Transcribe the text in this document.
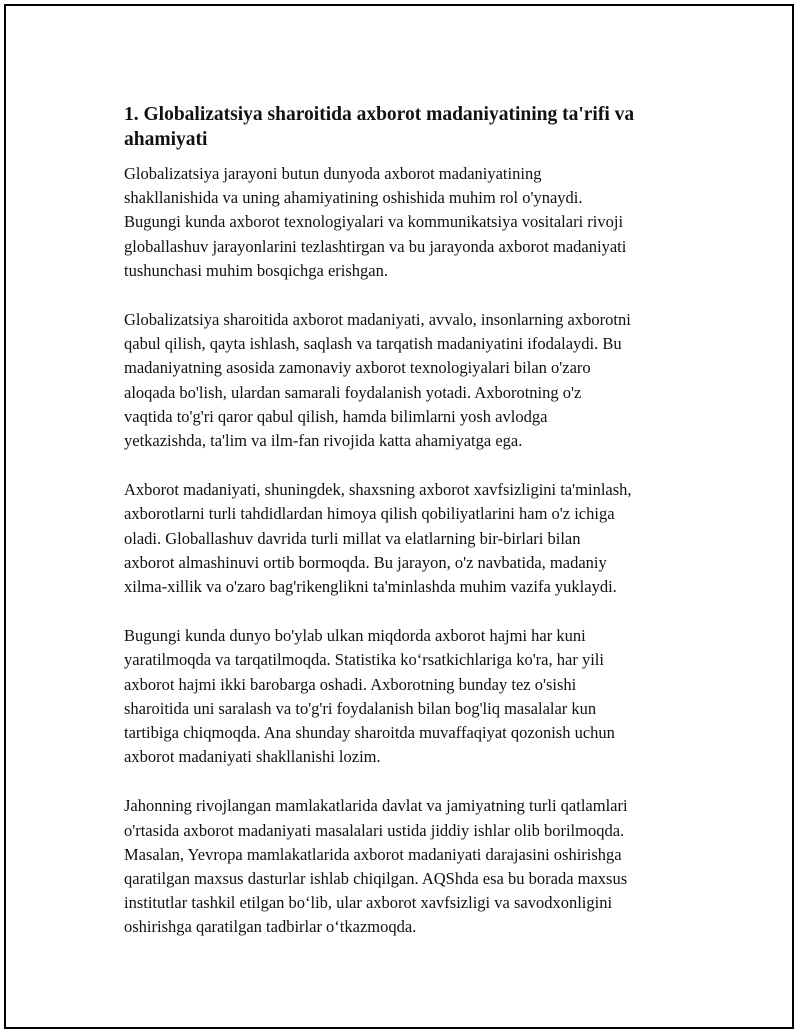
1. Globalizatsiya sharoitida axborot madaniyatining ta'rifi va
ahamiyati

Globalizatsiya jarayoni butun dunyoda axborot madaniyatining
shakllanishida va uning ahamiyatining oshishida muhim rol o'ynaydi.
Bugungi kunda axborot texnologiyalari va kommunikatsiya vositalari rivoji
globallashuv jarayonlarini tezlashtirgan va bu jarayonda axborot madaniyati
tushunchasi muhim bosqichga erishgan.

Globalizatsiya sharoitida axborot madaniyati, avvalo, insonlarning axborotni
qabul qilish, qayta ishlash, saqlash va tarqatish madaniyatini ifodalaydi. Bu
madaniyatning asosida zamonaviy axborot texnologiyalari bilan o'zaro
aloqada bo'lish, ulardan samarali foydalanish yotadi. Axborotning o'z
vaqtida to'g'ri qaror qabul qilish, hamda bilimlarni yosh avlodga
yetkazishda, ta'lim va ilm-fan rivojida katta ahamiyatga ega.

Axborot madaniyati, shuningdek, shaxsning axborot xavfsizligini ta'minlash,
axborotlarni turli tahdidlardan himoya qilish qobiliyatlarini ham o'z ichiga
oladi. Globallashuv davrida turli millat va elatlarning bir-birlari bilan
axborot almashinuvi ortib bormoqda. Bu jarayon, o'z navbatida, madaniy
xilma-xillik va o'zaro bag'rikenglikni ta'minlashda muhim vazifa yuklaydi.

Bugungi kunda dunyo bo'ylab ulkan miqdorda axborot hajmi har kuni
yaratilmoqda va tarqatilmoqda. Statistika ko‘rsatkichlariga ko'ra, har yili
axborot hajmi ikki barobarga oshadi. Axborotning bunday tez o'sishi
sharoitida uni saralash va to'g'ri foydalanish bilan bog'liq masalalar kun
tartibiga chiqmoqda. Ana shunday sharoitda muvaffaqiyat qozonish uchun
axborot madaniyati shakllanishi lozim.

Jahonning rivojlangan mamlakatlarida davlat va jamiyatning turli qatlamlari
o'rtasida axborot madaniyati masalalari ustida jiddiy ishlar olib borilmoqda.
Masalan, Yevropa mamlakatlarida axborot madaniyati darajasini oshirishga
qaratilgan maxsus dasturlar ishlab chiqilgan. AQShda esa bu borada maxsus
institutlar tashkil etilgan bo‘lib, ular axborot xavfsizligi va savodxonligini
oshirishga qaratilgan tadbirlar o‘tkazmoqda.
